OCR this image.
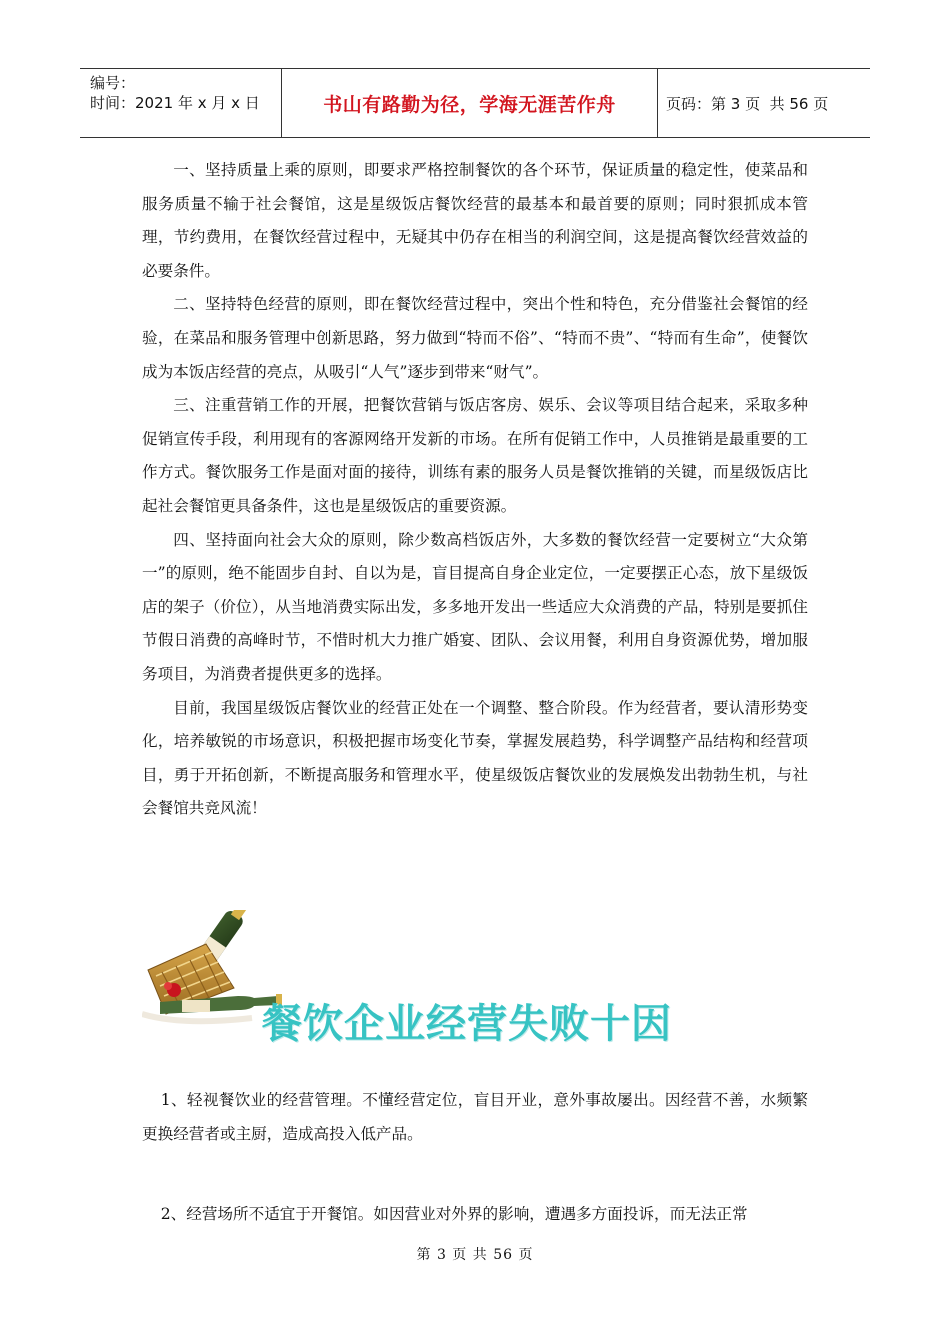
编号：
时间：2021 年 x 月 x 日	书山有路勤为径，学海无涯苦作舟	页码：第 3 页  共 56 页

一、坚持质量上乘的原则，即要求严格控制餐饮的各个环节，保证质量的稳定性，使菜品和服务质量不输于社会餐馆，这是星级饭店餐饮经营的最基本和最首要的原则；同时狠抓成本管理，节约费用，在餐饮经营过程中，无疑其中仍存在相当的利润空间，这是提高餐饮经营效益的必要条件。

二、坚持特色经营的原则，即在餐饮经营过程中，突出个性和特色，充分借鉴社会餐馆的经验，在菜品和服务管理中创新思路，努力做到“特而不俗”、“特而不贵”、“特而有生命”，使餐饮成为本饭店经营的亮点，从吸引“人气”逐步到带来“财气”。

三、注重营销工作的开展，把餐饮营销与饭店客房、娱乐、会议等项目结合起来，采取多种促销宣传手段，利用现有的客源网络开发新的市场。在所有促销工作中，人员推销是最重要的工作方式。餐饮服务工作是面对面的接待，训练有素的服务人员是餐饮推销的关键，而星级饭店比起社会餐馆更具备条件，这也是星级饭店的重要资源。

四、坚持面向社会大众的原则，除少数高档饭店外，大多数的餐饮经营一定要树立“大众第一”的原则，绝不能固步自封、自以为是，盲目提高自身企业定位，一定要摆正心态，放下星级饭店的架子（价位），从当地消费实际出发，多多地开发出一些适应大众消费的产品，特别是要抓住节假日消费的高峰时节，不惜时机大力推广婚宴、团队、会议用餐，利用自身资源优势，增加服务项目，为消费者提供更多的选择。

目前，我国星级饭店餐饮业的经营正处在一个调整、整合阶段。作为经营者，要认清形势变化，培养敏锐的市场意识，积极把握市场变化节奏，掌握发展趋势，科学调整产品结构和经营项目，勇于开拓创新，不断提高服务和管理水平，使星级饭店餐饮业的发展焕发出勃勃生机，与社会餐馆共竞风流！

餐饮企业经营失败十因

1、轻视餐饮业的经营管理。不懂经营定位，盲目开业，意外事故屡出。因经营不善，水频繁更换经营者或主厨，造成高投入低产品。

2、经营场所不适宜于开餐馆。如因营业对外界的影响，遭遇多方面投诉，而无法正常

第 3 页 共 56 页
